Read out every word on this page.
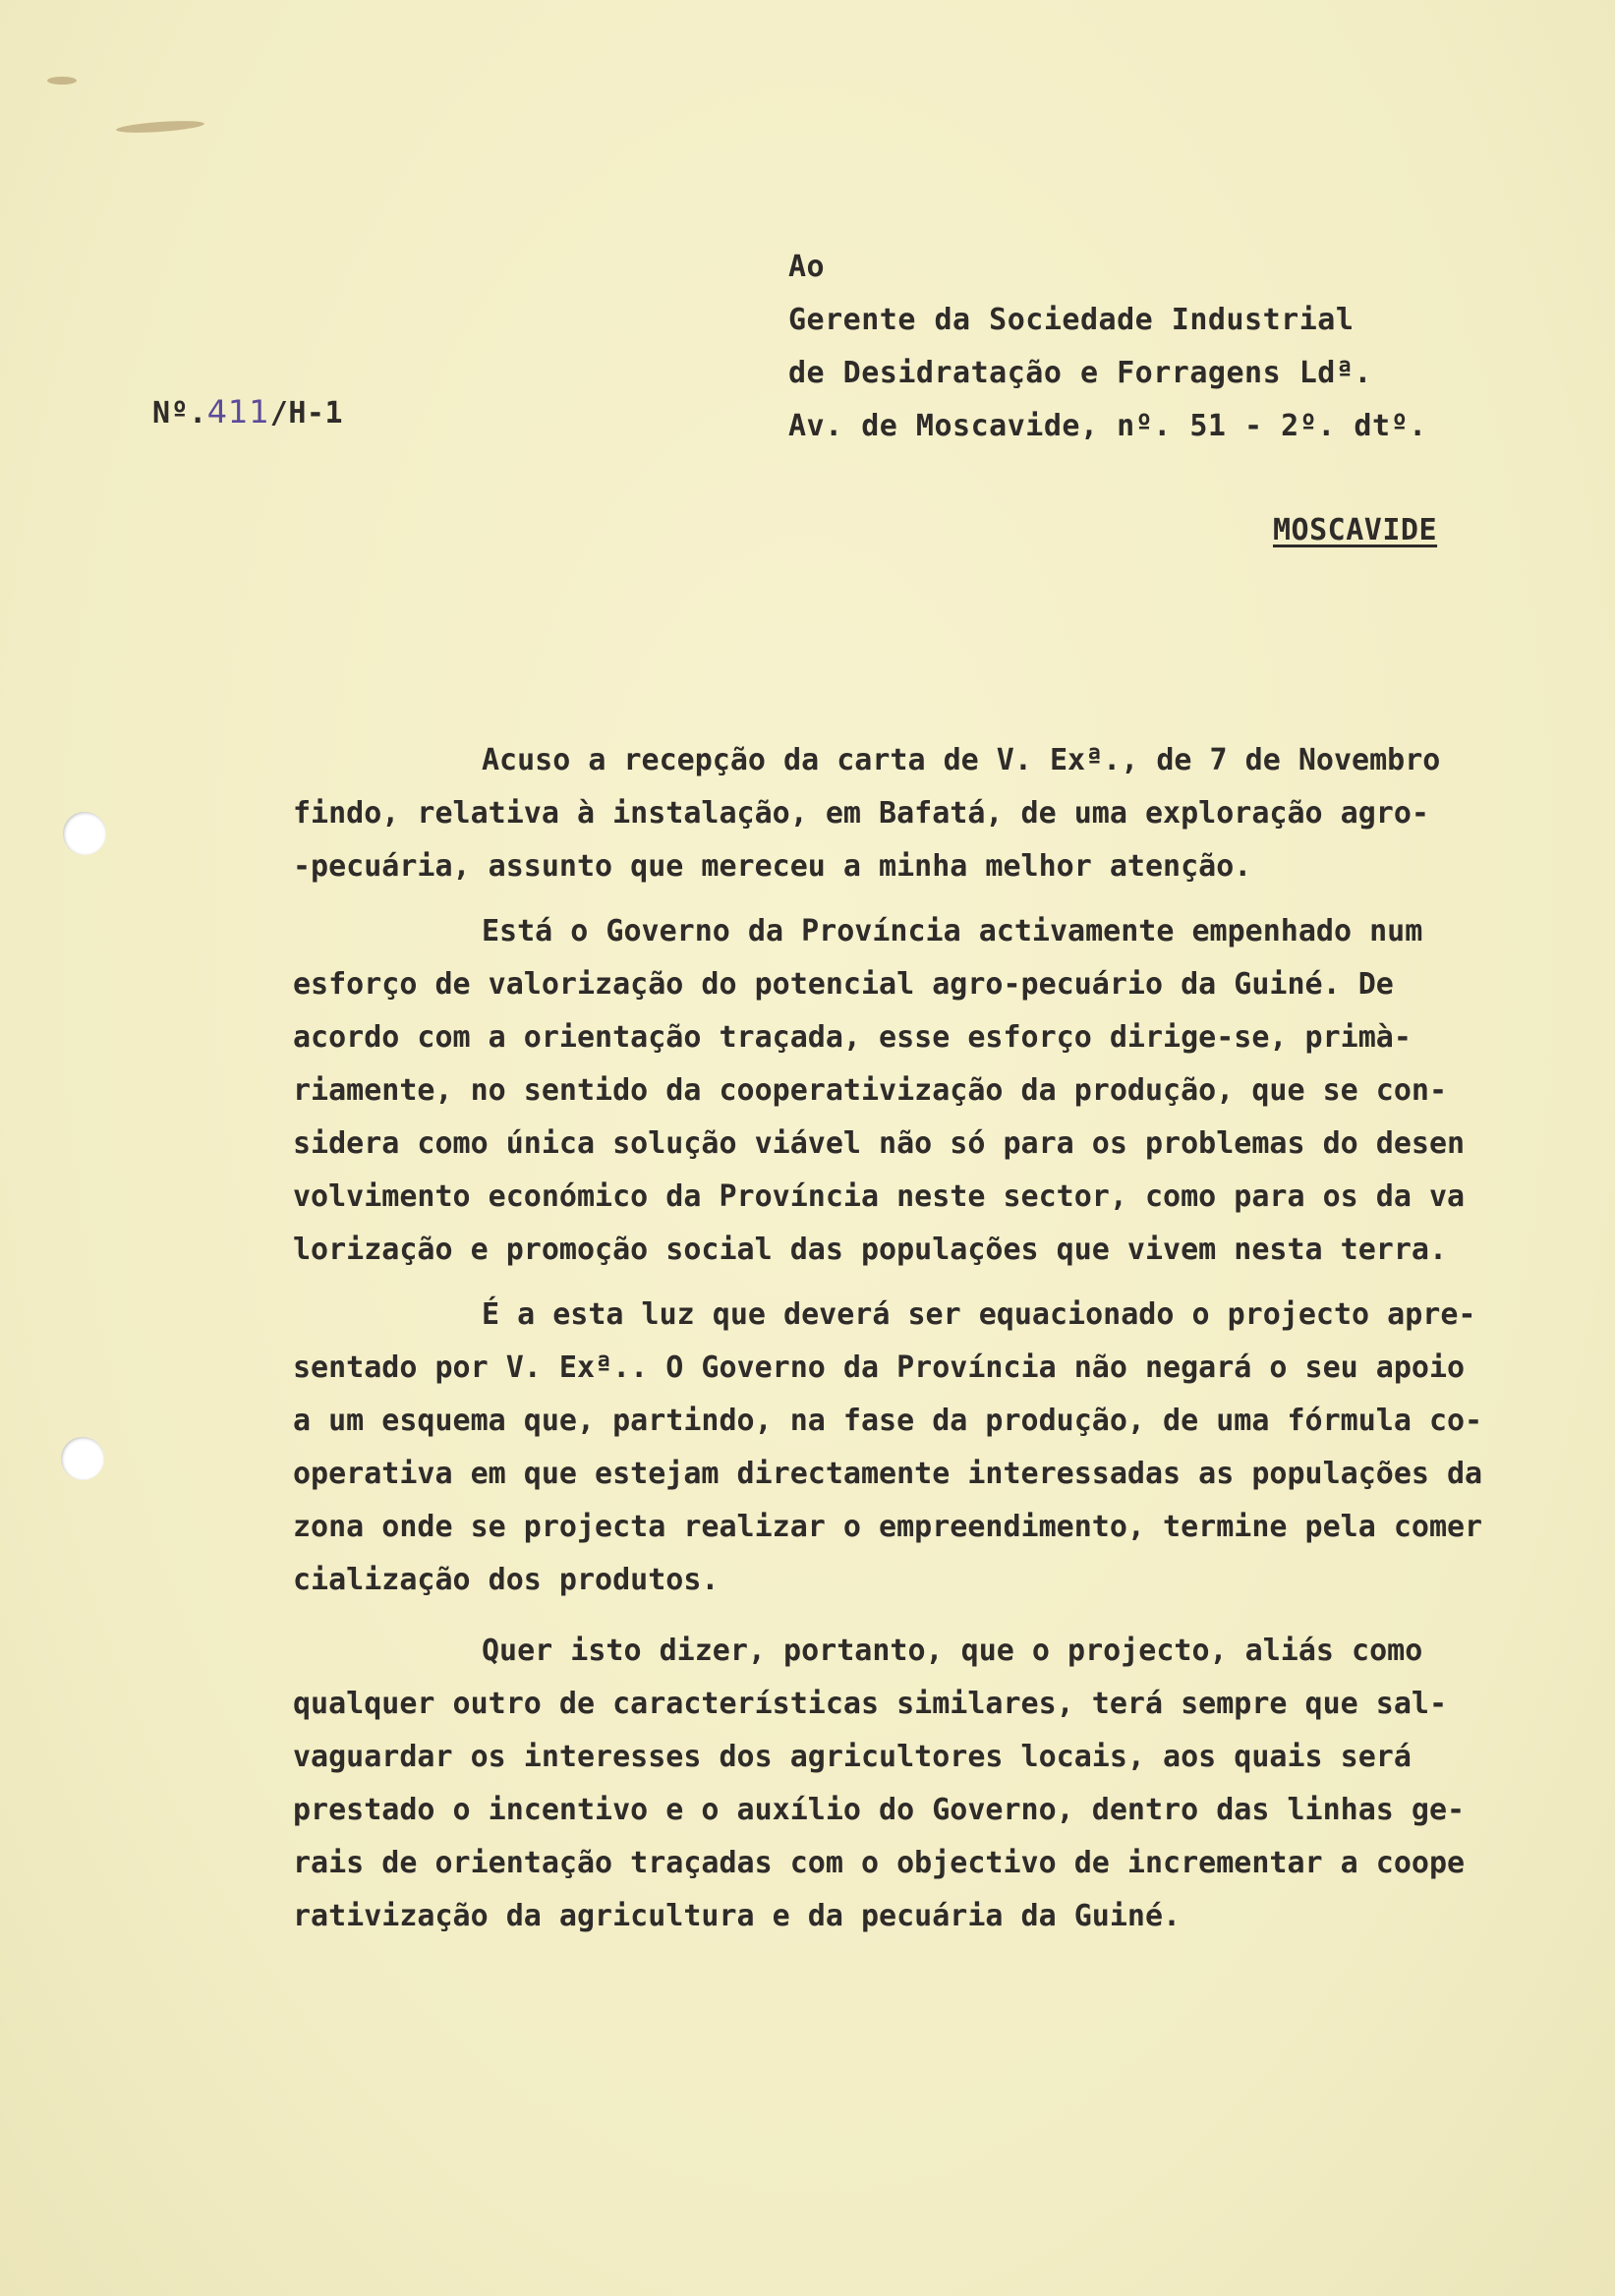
Nº.411/H-1
Ao
Gerente da Sociedade Industrial
de Desidratação e Forragens Ldª.
Av. de Moscavide, nº. 51 - 2º. dtº.
MOSCAVIDE
Acuso a recepção da carta de V. Exª., de 7 de Novembro
findo, relativa à instalação, em Bafatá, de uma exploração agro-
-pecuária, assunto que mereceu a minha melhor atenção.
Está o Governo da Província activamente empenhado num
esforço de valorização do potencial agro-pecuário da Guiné. De
acordo com a orientação traçada, esse esforço dirige-se, primà-
riamente, no sentido da cooperativização da produção, que se con-
sidera como única solução viável não só para os problemas do desen
volvimento económico da Província neste sector, como para os da va
lorização e promoção social das populações que vivem nesta terra.
É a esta luz que deverá ser equacionado o projecto apre-
sentado por V. Exª.. O Governo da Província não negará o seu apoio
a um esquema que, partindo, na fase da produção, de uma fórmula co-
operativa em que estejam directamente interessadas as populações da
zona onde se projecta realizar o empreendimento, termine pela comer
cialização dos produtos.
Quer isto dizer, portanto, que o projecto, aliás como
qualquer outro de características similares, terá sempre que sal-
vaguardar os interesses dos agricultores locais, aos quais será
prestado o incentivo e o auxílio do Governo, dentro das linhas ge-
rais de orientação traçadas com o objectivo de incrementar a coope
rativização da agricultura e da pecuária da Guiné.
